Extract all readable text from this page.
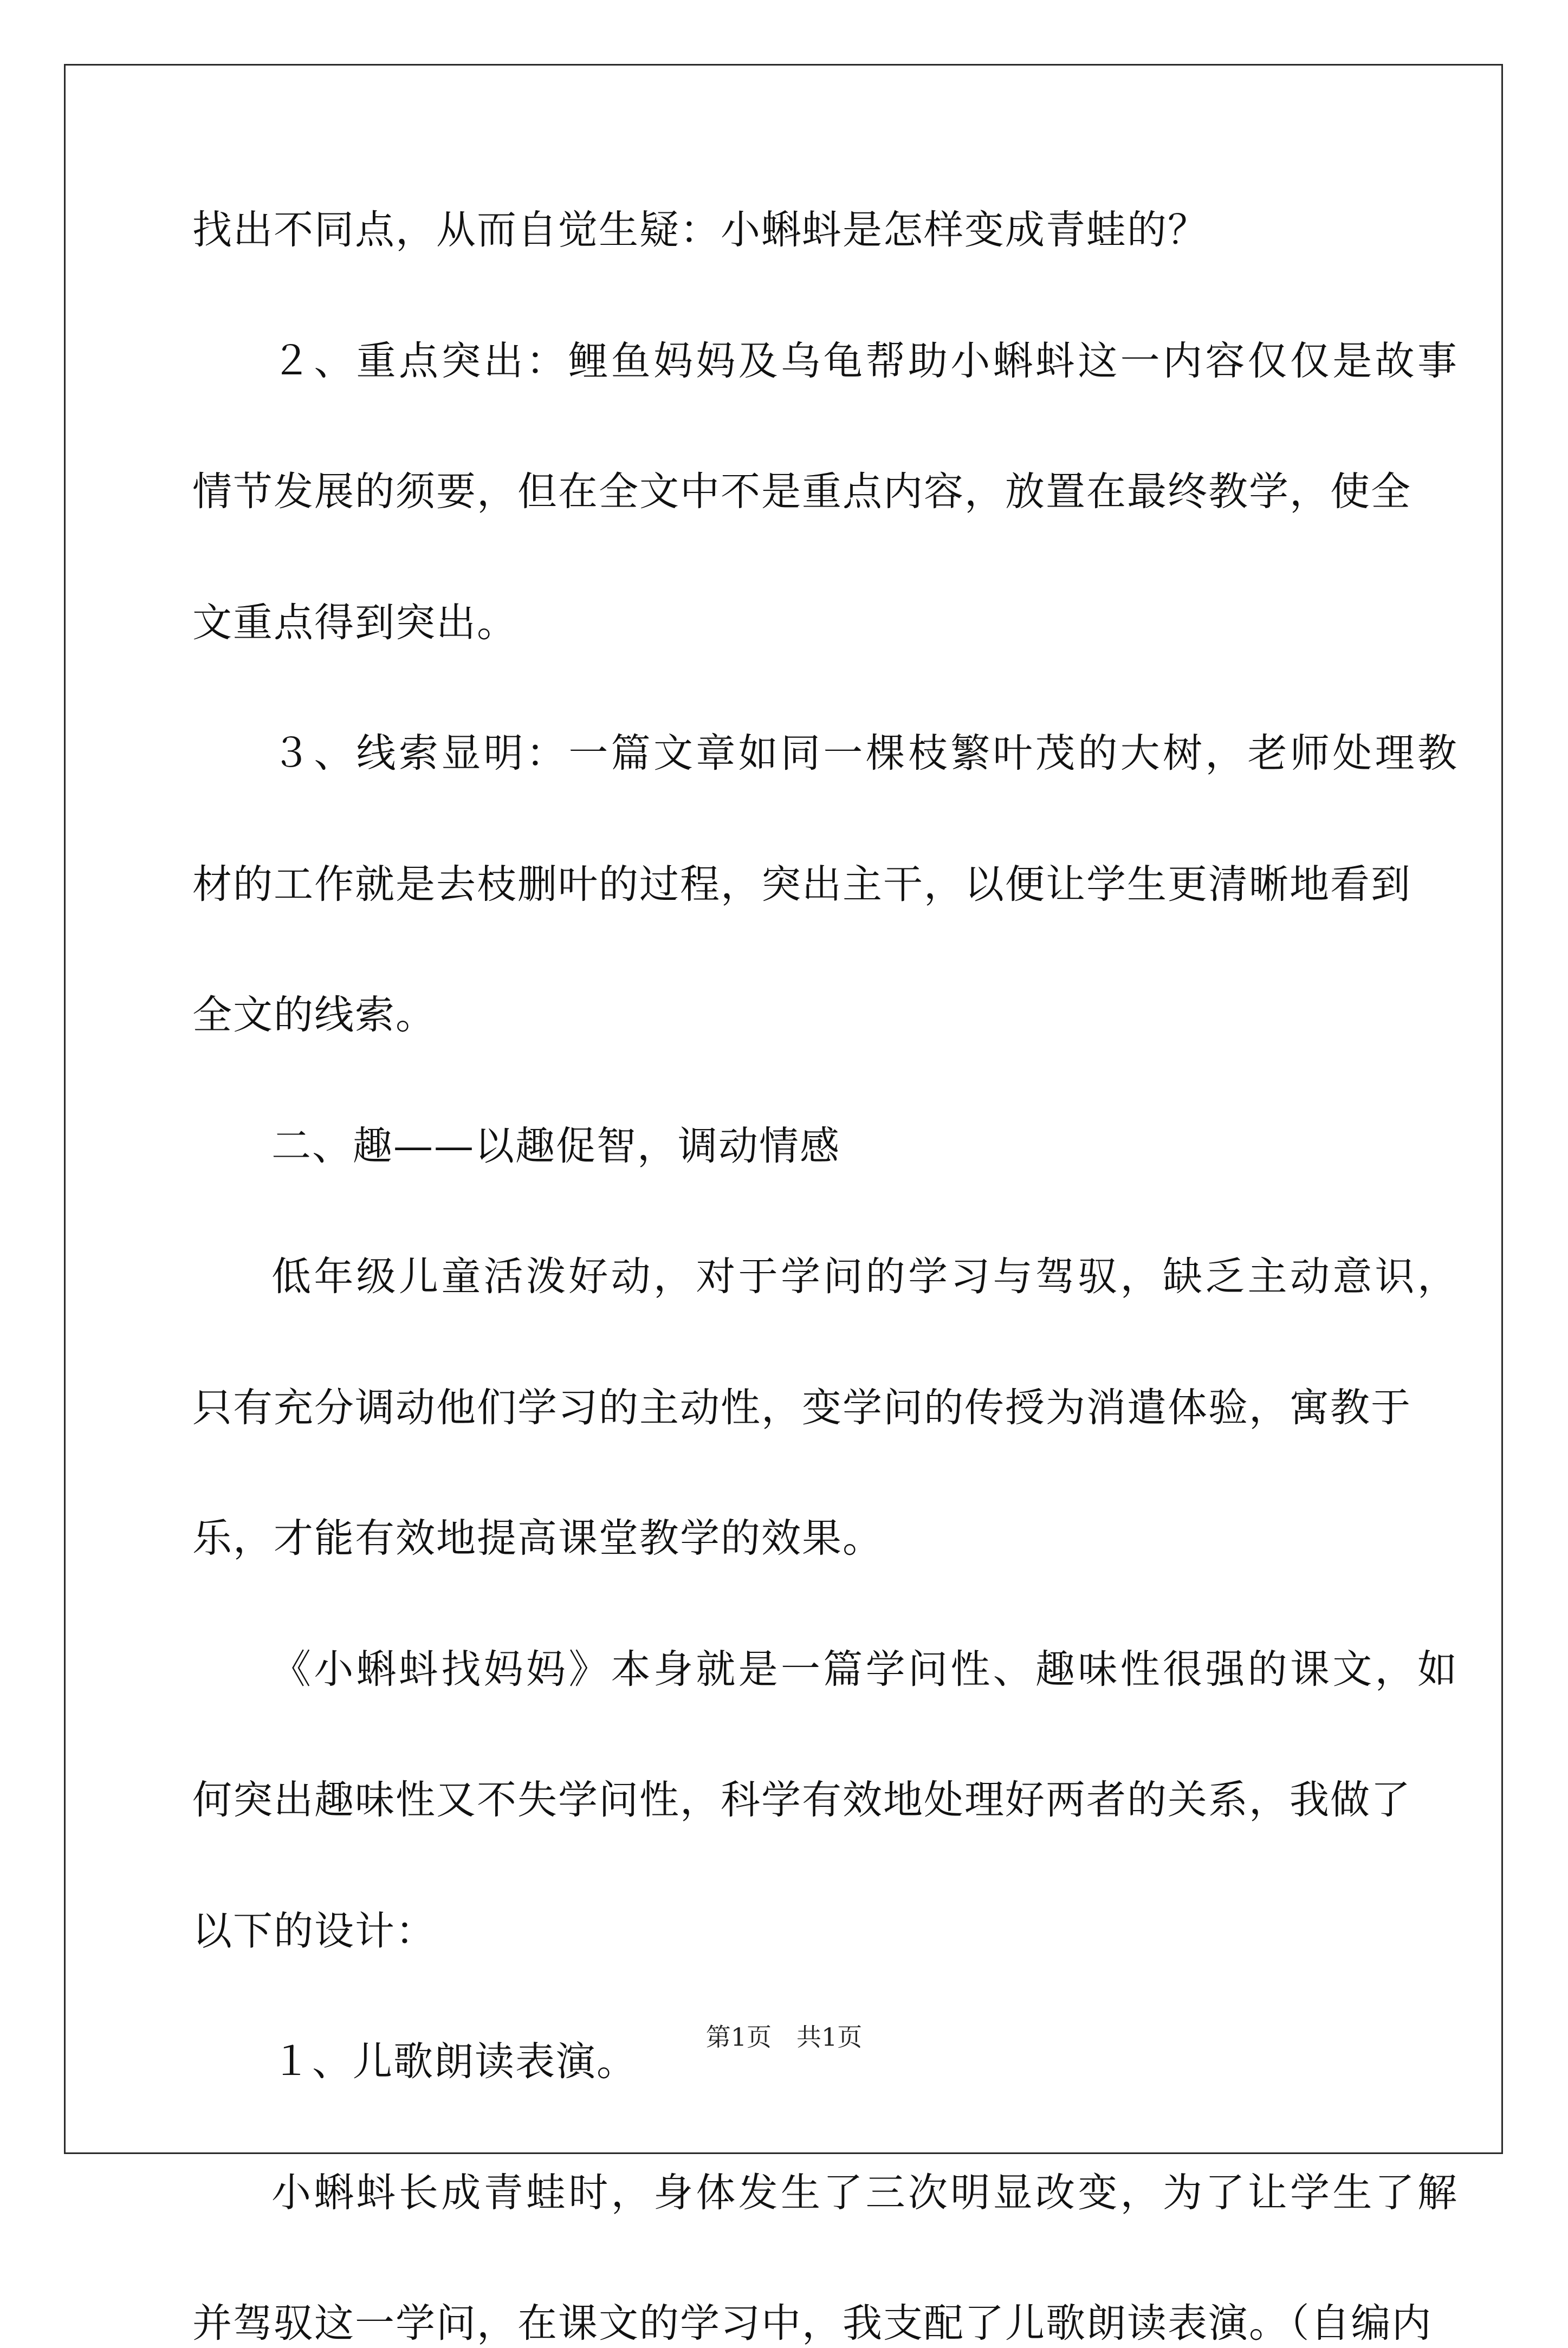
找出不同点，从而自觉生疑：小蝌蚪是怎样变成青蛙的？
２、重点突出：鲤鱼妈妈及乌龟帮助小蝌蚪这一内容仅仅是故事
情节发展的须要，但在全文中不是重点内容，放置在最终教学，使全
文重点得到突出。
３、线索显明：一篇文章如同一棵枝繁叶茂的大树，老师处理教
材的工作就是去枝删叶的过程，突出主干，以便让学生更清晰地看到
全文的线索。
二、趣——以趣促智，调动情感
低年级儿童活泼好动，对于学问的学习与驾驭，缺乏主动意识，
只有充分调动他们学习的主动性，变学问的传授为消遣体验，寓教于
乐，才能有效地提高课堂教学的效果。
《小蝌蚪找妈妈》本身就是一篇学问性、趣味性很强的课文，如
何突出趣味性又不失学问性，科学有效地处理好两者的关系，我做了
以下的设计：
１、儿歌朗读表演。
小蝌蚪长成青蛙时，身体发生了三次明显改变，为了让学生了解
并驾驭这一学问，在课文的学习中，我支配了儿歌朗读表演。（自编内
第1页　共1页
